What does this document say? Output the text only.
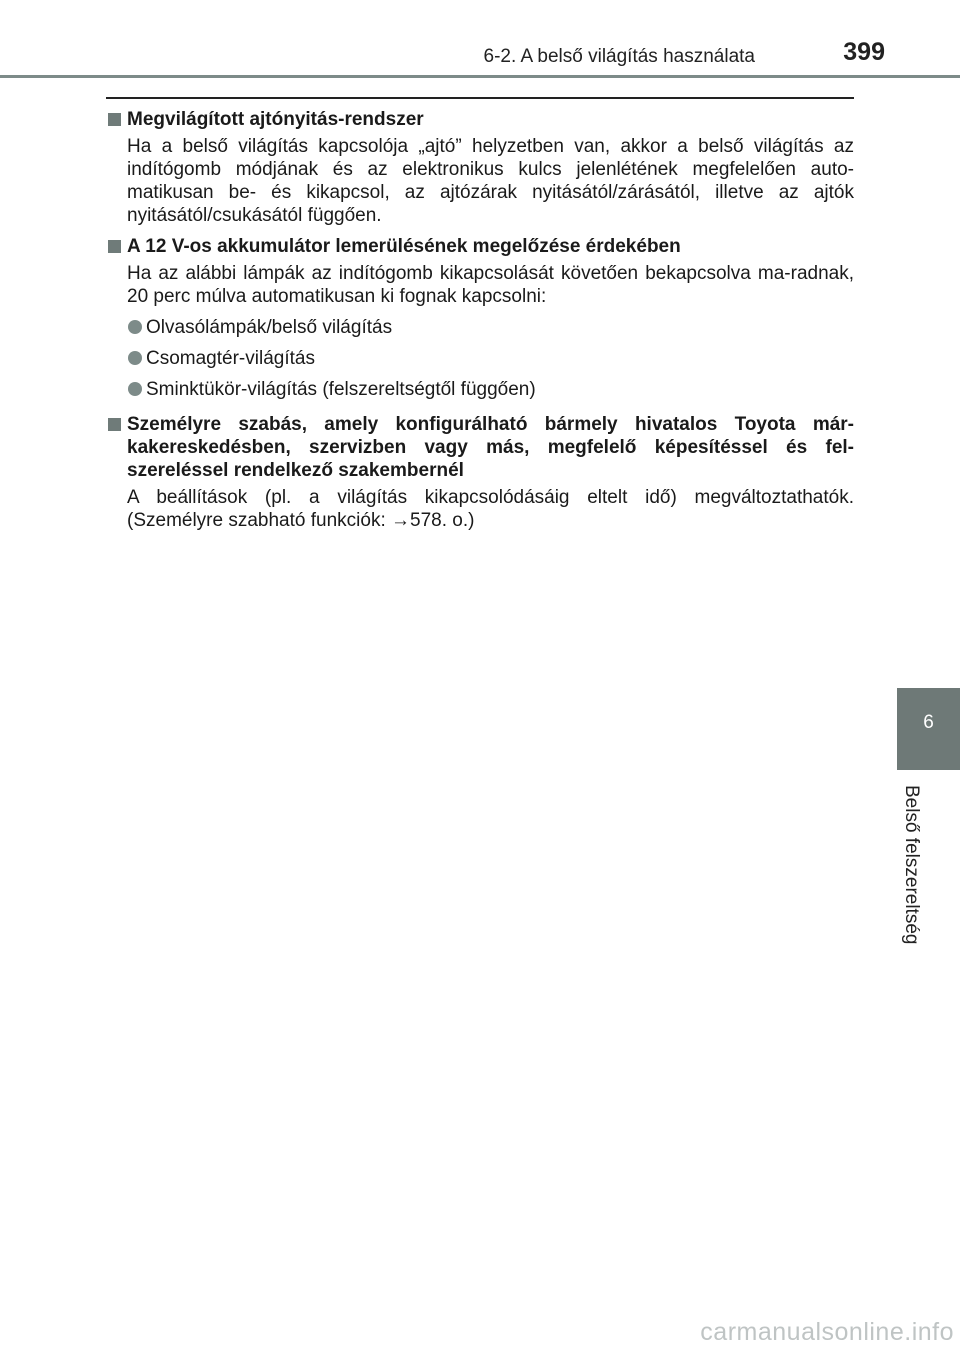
6-2. A belső világítás használata	399
Megvilágított ajtónyitás-rendszer
Ha a belső világítás kapcsolója „ajtó” helyzetben van, akkor a belső világítás az indítógomb módjának és az elektronikus kulcs jelenlétének megfelelően auto-matikusan be- és kikapcsol, az ajtózárak nyitásától/zárásától, illetve az ajtók nyitásától/csukásától függően.
A 12 V-os akkumulátor lemerülésének megelőzése érdekében
Ha az alábbi lámpák az indítógomb kikapcsolását követően bekapcsolva ma-radnak, 20 perc múlva automatikusan ki fognak kapcsolni:
Olvasólámpák/belső világítás
Csomagtér-világítás
Sminktükör-világítás (felszereltségtől függően)
Személyre szabás, amely konfigurálható bármely hivatalos Toyota már-kakereskedésben, szervizben vagy más, megfelelő képesítéssel és fel-szereléssel rendelkező szakembernél
A beállítások (pl. a világítás kikapcsolódásáig eltelt idő) megváltoztathatók. (Személyre szabható funkciók: →578. o.)
6
Belső felszereltség
carmanualsonline.info
